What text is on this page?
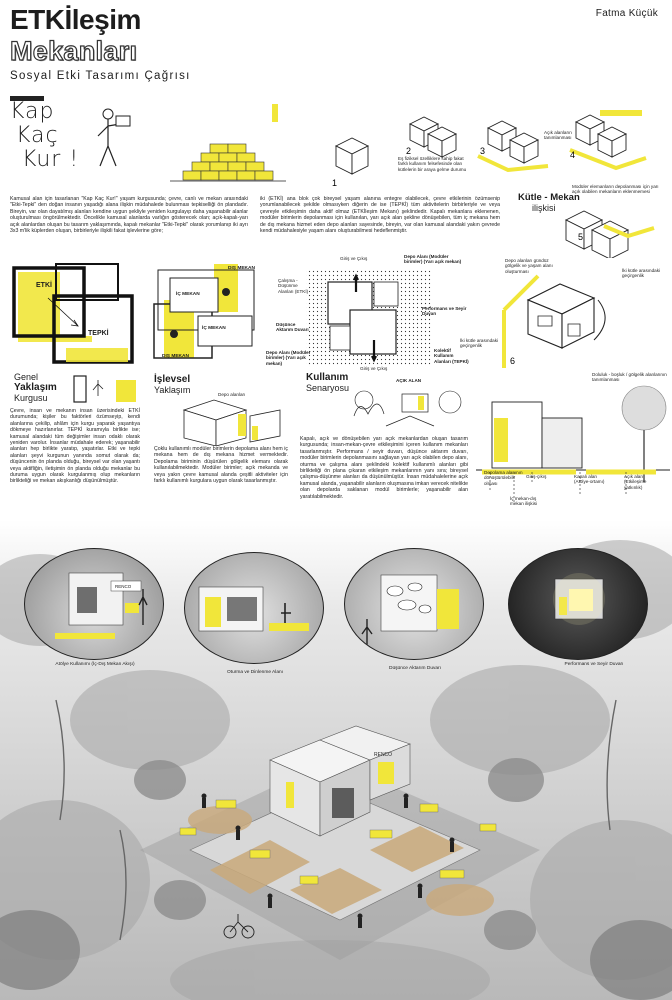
ETKİleşim
Mekanları
Sosyal Etki Tasarımı Çağrısı
Fatma Küçük
Kap
Kaç
Kur !
Kamusal alan için tasarlanan "Kap Kaç Kur!" yaşam kurgusunda; çevre, canlı ve mekan arasındaki "Etki-Tepki" den doğan insanın yaşadığı alana ilişkin müdahalede bulunması tepkiselliği ön plandadır. Bireyin, var olan dayatılmış alanları kendine uygun şekliyle yeniden kurgulayıp daha yaşanabilir alanlar oluşturulması öngörülmektedir. Öncelikle kamusal alanlarda varlığın gösterecek olan; açık-kapalı-yarı açık alanlardan oluşan bu tasarım yaklaşımında, kapalı mekanlar "Etki-Tepki" olarak yorumlanıp iki ayrı 3x3 m'lik küplerden oluşan, birbirleriyle ilişkili fakat işlevlerine göre;
iki (ETKİ) ana blok çok bireysel yaşam alanına entegre olabilecek, çevre etkilerinin özümsenip yorumlanabilecek şekilde olmasıyken diğerin de ise (TEPKİ) tüm aktivitelerin birbirleriyle ve veya çevreyle etkileşimin daha aktif olmaz (ETKİleşim Mekanı) şeklindedir. Kapalı mekanlara eklenenen, modüler birimlerin depolanması için kullanılan, yarı açık alan şekline dönüşebilen, tüm iç mekana hem de dış mekana hizmet eden depo alanları sayesinde, bireyin, var olan kamusal alandaki yakın çevrede kendi müdahalesiyle yaşam alanı oluşturabilmesi hedeflenmiştir.
1
2	3	4
Eş fiziksel özelliklere sahip fakat farklı kullanım felsefesinde olan kütlelerin bir araya gelme durumu
Açık alanların tanımlanması
Kütle - Mekan
ilişkisi
Modüler elemanların depolanması için yarı açık olabilen mekanların eklenmemesi
5
Depo alanları gündüz gölgelik ve yaşam alanı oluşturması	İki kütle arasındaki geçirgenlik
6
İki kütle arasındaki geçirgenlik
Doluluk - boşluk / gölgelik alanlarının tanımlanması
ETKİ
TEPKİ
Genel
Yaklaşım
Kurgusu
Çevre, insan ve mekanın insan üzerisindeki ETKİ durumunda; kişiler bu faktörleri özümseyip, kendi alanlarına çekilip, ahlâm için kurgu yaparak yaşantıya dökmeye hazırlanırlar. TEPKİ kuramıyla birlikte ise; kamusal alandaki tüm değişimler insan odaklı olarak yeniden varolur. İnsanlar müdahale ederek; yaşanabilir alanları hep birlikte yaratıp, yaşatırlar. Etki ve tepki alanları şeyvi kurgunun yanında somut olarak da; düşüncenin ön planda olduğu, bireysel var olan yaşantı veya aktifliğin, iletişimin ön planda olduğu mekanlar bu duruma uygun olarak kurgulanmış olup mekanların birlikteliği ve mekan akışkanlığı düşünülmüştür.
DIŞ MEKAN
İÇ MEKAN
İÇ MEKAN
DIŞ MEKAN
İşlevsel
Yaklaşım	Depo alanları
Çoklu kullanımlı modüler birimlerin depolama alanı hem iç mekana hem de dış mekana hizmet vermektedir. Depolama biriminin düşürülen gölgelik elemanı olarak kullanılabilmektedir. Modüler birimler; açık mekanda ve veya yakın çevre kamusal alanda çeşitli aktiviteler için farklı kullanımlı kurgulara uygun olarak tasarlanmıştır.
Çalışma - Düşünme Alanları (ETKİ)
Giriş ve Çıkış	Depo Alanı (Modüler birimler) (Yarı açık mekan)
Performans ve Seyir Duvarı
Düşünce Aktarım Duvarı
Depo Alanı (Modüler birimler) (Yarı açık mekan)
Giriş ve Çıkış
Kolektif Kullanım Alanları (TEPKİ)
AÇIK ALAN
Kullanım
Senaryosu
Kapalı, açık ve dönüşebilen yarı açık mekanlardan oluşan tasarım kurgusunda; insan-mekan-çevre etkileşimini içeren kullanım mekanları tasarlanmıştır. Performans / seyir duvarı, düşünce aktarım duvarı, modüler birimlerin depolanmasını sağlayan yarı açık olabilen depo alanı, oturma ve çalışma alanı şeklindeki kolektif kullanımlı alanları gibi birlikteliği ön plana çıkaran etkileşim mekanlarının yanı sıra; bireysel çalışma-düşünme alanları da düşünülmüştür. İnsan müdahalelerine açık kamusal alanda, yaşanabilir alanların oluşmasına imkan verecek nitelikte olan depolarda saklanan modül birimlerle; yaşanabilir alan yaratılabilmektedir.
Depolama alanının dönüştürülebilir olması
Giriş-çıkış
İç mekan-dış mekan ilişkisi
Kapalı alan (Atölye-ortamı)
Açık alan (Etkileşime yatkınlık)
RENCO
Atölye Kullanımı (İç-Dış Mekan Akışı)
Oturma ve Dinlenme Alanı
Düşünce Aktarım Duvarı
Performans ve Seyir Duvarı
RENCO
